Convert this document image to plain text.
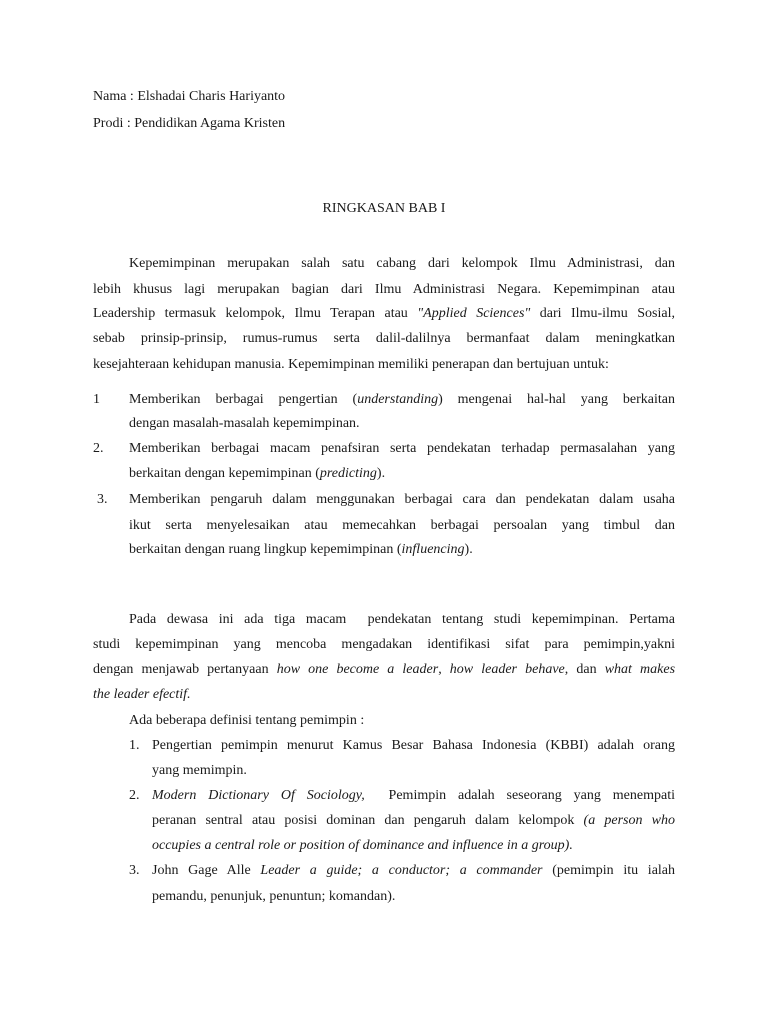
Nama : Elshadai Charis Hariyanto
Prodi : Pendidikan Agama Kristen
RINGKASAN BAB I
Kepemimpinan merupakan salah satu cabang dari kelompok Ilmu Administrasi, dan
lebih khusus lagi merupakan bagian dari Ilmu Administrasi Negara. Kepemimpinan atau
Leadership termasuk kelompok, Ilmu Terapan atau "Applied Sciences" dari Ilmu-ilmu Sosial,
sebab prinsip-prinsip, rumus-rumus serta dalil-dalilnya bermanfaat dalam meningkatkan
kesejahteraan kehidupan manusia. Kepemimpinan memiliki penerapan dan bertujuan untuk:
1 Memberikan berbagai pengertian (understanding) mengenai hal-hal yang berkaitan
dengan masalah-masalah kepemimpinan.
2. Memberikan berbagai macam penafsiran serta pendekatan terhadap permasalahan yang
berkaitan dengan kepemimpinan (predicting).
3. Memberikan pengaruh dalam menggunakan berbagai cara dan pendekatan dalam usaha
ikut serta menyelesaikan atau memecahkan berbagai persoalan yang timbul dan
berkaitan dengan ruang lingkup kepemimpinan (influencing).
Pada dewasa ini ada tiga macam  pendekatan tentang studi kepemimpinan. Pertama
studi kepemimpinan yang mencoba mengadakan identifikasi sifat para pemimpin,yakni
dengan menjawab pertanyaan how one become a leader, how leader behave, dan what makes
the leader efectif.
Ada beberapa definisi tentang pemimpin :
1. Pengertian pemimpin menurut Kamus Besar Bahasa Indonesia (KBBI) adalah orang
yang memimpin.
2. Modern Dictionary Of Sociology,  Pemimpin adalah seseorang yang menempati
peranan sentral atau posisi dominan dan pengaruh dalam kelompok (a person who
occupies a central role or position of dominance and influence in a group).
3. John Gage Alle Leader a guide; a conductor; a commander (pemimpin itu ialah
pemandu, penunjuk, penuntun; komandan).
